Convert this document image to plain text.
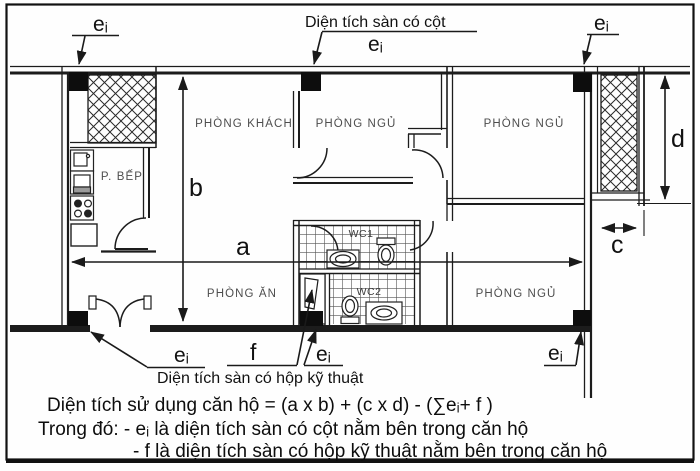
PHÒNG KHÁCH PHÒNG NGỦ	PHÒNG NGỦ
PHÒNG NGỦ
PHÒNG ĂN
P. BẾP
WC1
WC2
a
b
c
d
eᵢ	Diện tích sàn có cột
eᵢ
eᵢ
eᵢ	f	eᵢ	eᵢ
Diện tích sàn có hộp kỹ thuật
Diện tích sử dụng căn hộ = (a x b) + (c x d) - (∑eᵢ+ f )
Trong đó: - eᵢ là diện tích sàn có cột nằm bên trong căn hộ
- f là diện tích sàn có hộp kỹ thuật nằm bên trong căn hộ
